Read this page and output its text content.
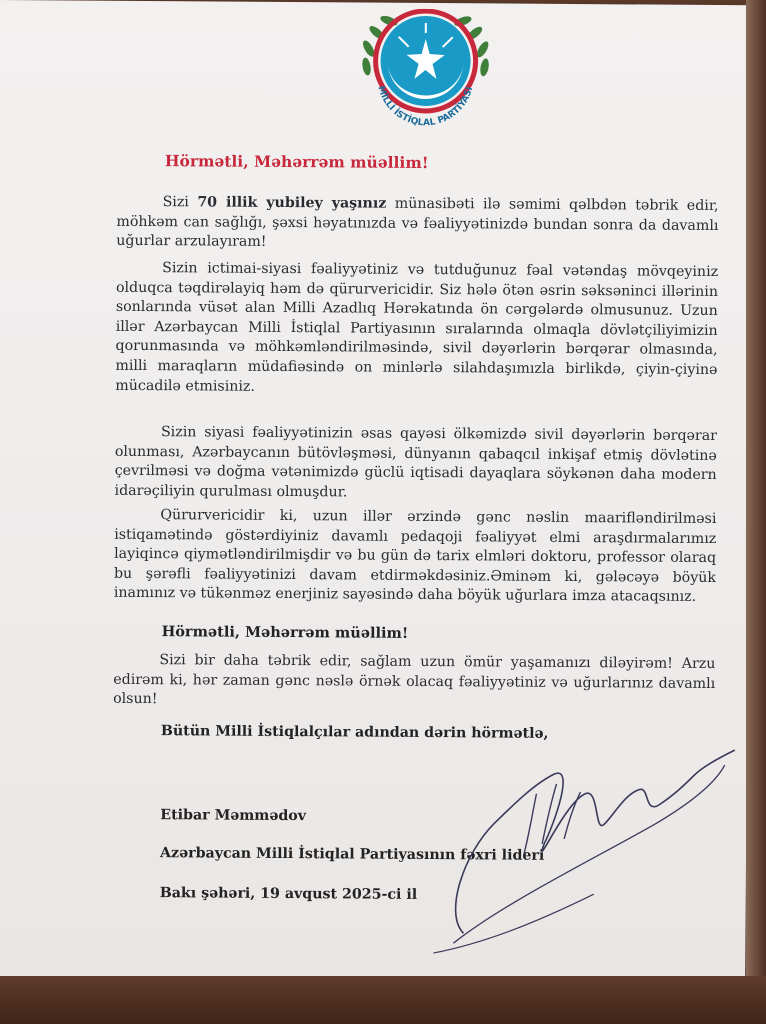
MİLLİ İSTİQLAL PARTİYASI
Hörmətli, Məhərrəm müəllim!

Sizi 70 illik yubiley yaşınız münasibəti ilə səmimi qəlbdən təbrik edir, möhkəm can sağlığı, şəxsi həyatınızda və fəaliyyətinizdə bundan sonra da davamlı uğurlar arzulayıram!

Sizin ictimai-siyasi fəaliyyətiniz və tutduğunuz fəal vətəndaş mövqeyiniz olduqca təqdirəlayiq həm də qürurvericidir. Siz hələ ötən əsrin səksəninci illərinin sonlarında vüsət alan Milli Azadlıq Hərəkatında ön cərgələrdə olmusunuz. Uzun illər Azərbaycan Milli İstiqlal Partiyasının sıralarında olmaqla dövlətçiliyimizin qorunmasında və möhkəmləndirilməsində, sivil dəyərlərin bərqərar olmasında, milli maraqların müdafiəsində on minlərlə silahdaşımızla birlikdə, çiyin-çiyinə mücadilə etmisiniz.

Sizin siyasi fəaliyyətinizin əsas qayəsi ölkəmizdə sivil dəyərlərin bərqərar olunması, Azərbaycanın bütövləşməsi, dünyanın qabaqcıl inkişaf etmiş dövlətinə çevrilməsi və doğma vətənimizdə güclü iqtisadi dayaqlara söykənən daha modern idarəçiliyin qurulması olmuşdur.

Qürurvericidir ki, uzun illər ərzində gənc nəslin maarifləndirilməsi istiqamətində göstərdiyiniz davamlı pedaqoji fəaliyyət elmi araşdırmalarımız layiqincə qiymətləndirilmişdir və bu gün də tarix elmləri doktoru, professor olaraq bu şərəfli fəaliyyətinizi davam etdirməkdəsiniz.Əminəm ki, gələcəyə böyük inamınız və tükənməz enerjiniz sayəsində daha böyük uğurlara imza atacaqsınız.

Hörmətli, Məhərrəm müəllim!

Sizi bir daha təbrik edir, sağlam uzun ömür yaşamanızı diləyirəm! Arzu edirəm ki, hər zaman gənc nəslə örnək olacaq fəaliyyətiniz və uğurlarınız davamlı olsun!

Bütün Milli İstiqlalçılar adından dərin hörmətlə,
Etibar Məmmədov
Azərbaycan Milli İstiqlal Partiyasının fəxri lideri
Bakı şəhəri, 19 avqust 2025-ci il
